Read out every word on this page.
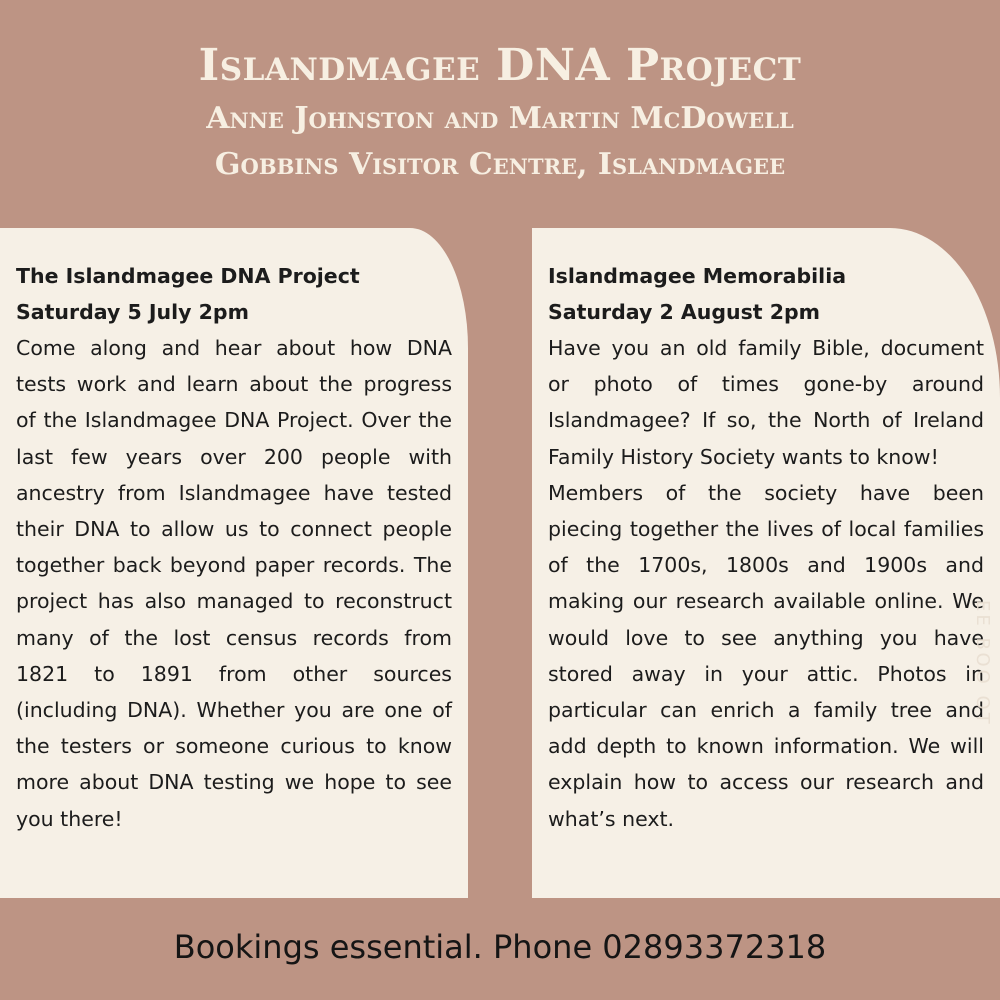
Islandmagee DNA Project
Anne Johnston and Martin McDowell
Gobbins Visitor Centre, Islandmagee
The Islandmagee DNA Project
Saturday 5 July 2pm

Come along and hear about how DNA tests work and learn about the progress of the Islandmagee DNA Project. Over the last few years over 200 people with ancestry from Islandmagee have tested their DNA to allow us to connect people together back beyond paper records. The project has also managed to reconstruct many of the lost census records from 1821 to 1891 from other sources (including DNA). Whether you are one of the testers or someone curious to know more about DNA testing we hope to see you there!

Islandmagee Memorabilia
Saturday 2 August 2pm

Have you an old family Bible, document or photo of times gone-by around Islandmagee? If so, the North of Ireland Family History Society wants to know!

Members of the society have been piecing together the lives of local families of the 1700s, 1800s and 1900s and making our research available online. We would love to see anything you have stored away in your attic. Photos in particular can enrich a family tree and add depth to known information. We will explain how to access our research and what’s next.

EE BOO OT
Bookings essential. Phone 02893372318
